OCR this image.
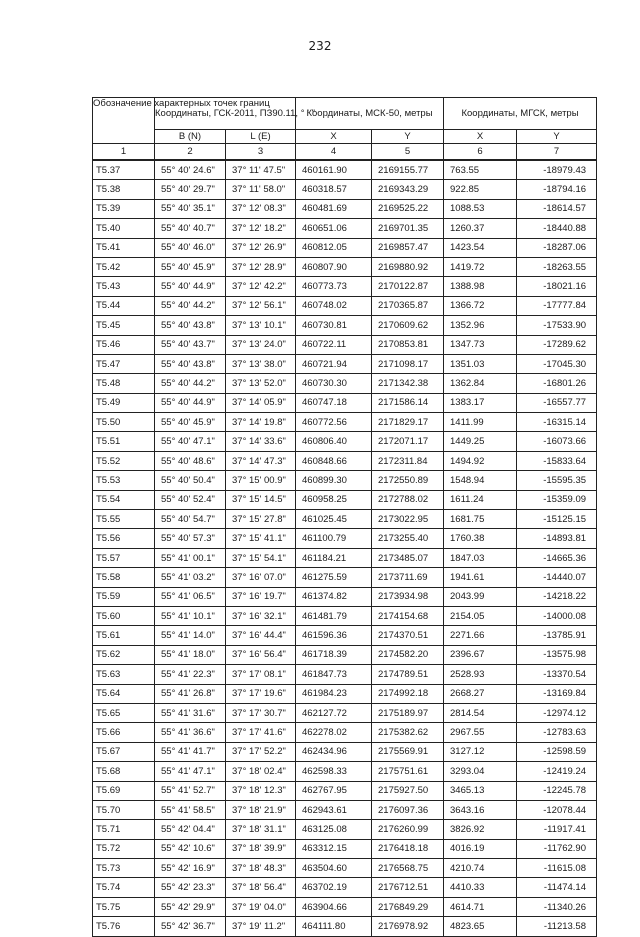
232
Обозначение характерных точек границ	Координаты, ГСК-2011, ПЗ90.11, ° ' "		Координаты, МСК-50, метры		Координаты, МГСК, метры	
	B (N)	L (E)	X	Y	X	Y
1	2	3	4	5	6	7
Т5.37	55° 40' 24.6"	37° 11' 47.5"	460161.90	2169155.77	763.55	-18979.43
Т5.38	55° 40' 29.7"	37° 11' 58.0"	460318.57	2169343.29	922.85	-18794.16
Т5.39	55° 40' 35.1"	37° 12' 08.3"	460481.69	2169525.22	1088.53	-18614.57
Т5.40	55° 40' 40.7"	37° 12' 18.2"	460651.06	2169701.35	1260.37	-18440.88
Т5.41	55° 40' 46.0"	37° 12' 26.9"	460812.05	2169857.47	1423.54	-18287.06
Т5.42	55° 40' 45.9"	37° 12' 28.9"	460807.90	2169880.92	1419.72	-18263.55
Т5.43	55° 40' 44.9"	37° 12' 42.2"	460773.73	2170122.87	1388.98	-18021.16
Т5.44	55° 40' 44.2"	37° 12' 56.1"	460748.02	2170365.87	1366.72	-17777.84
Т5.45	55° 40' 43.8"	37° 13' 10.1"	460730.81	2170609.62	1352.96	-17533.90
Т5.46	55° 40' 43.7"	37° 13' 24.0"	460722.11	2170853.81	1347.73	-17289.62
Т5.47	55° 40' 43.8"	37° 13' 38.0"	460721.94	2171098.17	1351.03	-17045.30
Т5.48	55° 40' 44.2"	37° 13' 52.0"	460730.30	2171342.38	1362.84	-16801.26
Т5.49	55° 40' 44.9"	37° 14' 05.9"	460747.18	2171586.14	1383.17	-16557.77
Т5.50	55° 40' 45.9"	37° 14' 19.8"	460772.56	2171829.17	1411.99	-16315.14
Т5.51	55° 40' 47.1"	37° 14' 33.6"	460806.40	2172071.17	1449.25	-16073.66
Т5.52	55° 40' 48.6"	37° 14' 47.3"	460848.66	2172311.84	1494.92	-15833.64
Т5.53	55° 40' 50.4"	37° 15' 00.9"	460899.30	2172550.89	1548.94	-15595.35
Т5.54	55° 40' 52.4"	37° 15' 14.5"	460958.25	2172788.02	1611.24	-15359.09
Т5.55	55° 40' 54.7"	37° 15' 27.8"	461025.45	2173022.95	1681.75	-15125.15
Т5.56	55° 40' 57.3"	37° 15' 41.1"	461100.79	2173255.40	1760.38	-14893.81
Т5.57	55° 41' 00.1"	37° 15' 54.1"	461184.21	2173485.07	1847.03	-14665.36
Т5.58	55° 41' 03.2"	37° 16' 07.0"	461275.59	2173711.69	1941.61	-14440.07
Т5.59	55° 41' 06.5"	37° 16' 19.7"	461374.82	2173934.98	2043.99	-14218.22
Т5.60	55° 41' 10.1"	37° 16' 32.1"	461481.79	2174154.68	2154.05	-14000.08
Т5.61	55° 41' 14.0"	37° 16' 44.4"	461596.36	2174370.51	2271.66	-13785.91
Т5.62	55° 41' 18.0"	37° 16' 56.4"	461718.39	2174582.20	2396.67	-13575.98
Т5.63	55° 41' 22.3"	37° 17' 08.1"	461847.73	2174789.51	2528.93	-13370.54
Т5.64	55° 41' 26.8"	37° 17' 19.6"	461984.23	2174992.18	2668.27	-13169.84
Т5.65	55° 41' 31.6"	37° 17' 30.7"	462127.72	2175189.97	2814.54	-12974.12
Т5.66	55° 41' 36.6"	37° 17' 41.6"	462278.02	2175382.62	2967.55	-12783.63
Т5.67	55° 41' 41.7"	37° 17' 52.2"	462434.96	2175569.91	3127.12	-12598.59
Т5.68	55° 41' 47.1"	37° 18' 02.4"	462598.33	2175751.61	3293.04	-12419.24
Т5.69	55° 41' 52.7"	37° 18' 12.3"	462767.95	2175927.50	3465.13	-12245.78
Т5.70	55° 41' 58.5"	37° 18' 21.9"	462943.61	2176097.36	3643.16	-12078.44
Т5.71	55° 42' 04.4"	37° 18' 31.1"	463125.08	2176260.99	3826.92	-11917.41
Т5.72	55° 42' 10.6"	37° 18' 39.9"	463312.15	2176418.18	4016.19	-11762.90
Т5.73	55° 42' 16.9"	37° 18' 48.3"	463504.60	2176568.75	4210.74	-11615.08
Т5.74	55° 42' 23.3"	37° 18' 56.4"	463702.19	2176712.51	4410.33	-11474.14
Т5.75	55° 42' 29.9"	37° 19' 04.0"	463904.66	2176849.29	4614.71	-11340.26
Т5.76	55° 42' 36.7"	37° 19' 11.2"	464111.80	2176978.92	4823.65	-11213.58
